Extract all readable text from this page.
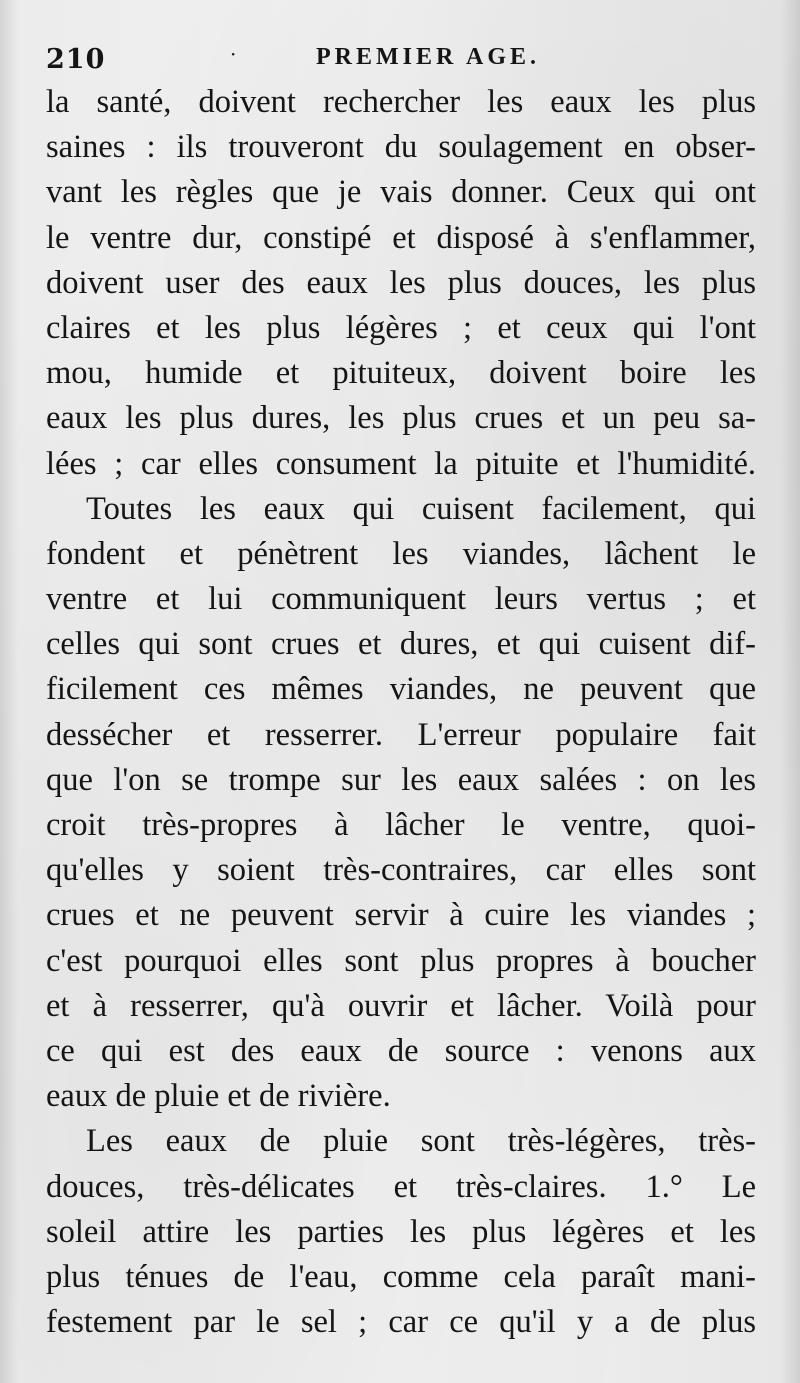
210	·	PREMIER AGE.
la santé, doivent rechercher les eaux les plus
saines : ils trouveront du soulagement en obser-
vant les règles que je vais donner. Ceux qui ont
le ventre dur, constipé et disposé à s'enflammer,
doivent user des eaux les plus douces, les plus
claires et les plus légères ; et ceux qui l'ont
mou, humide et pituiteux, doivent boire les
eaux les plus dures, les plus crues et un peu sa-
lées ; car elles consument la pituite et l'humidité.
Toutes les eaux qui cuisent facilement, qui
fondent et pénètrent les viandes, lâchent le
ventre et lui communiquent leurs vertus ; et
celles qui sont crues et dures, et qui cuisent dif-
ficilement ces mêmes viandes, ne peuvent que
dessécher et resserrer. L'erreur populaire fait
que l'on se trompe sur les eaux salées : on les
croit très-propres à lâcher le ventre, quoi-
qu'elles y soient très-contraires, car elles sont
crues et ne peuvent servir à cuire les viandes ;
c'est pourquoi elles sont plus propres à boucher
et à resserrer, qu'à ouvrir et lâcher. Voilà pour
ce qui est des eaux de source : venons aux
eaux de pluie et de rivière.
Les eaux de pluie sont très-légères, très-
douces, très-délicates et très-claires. 1.° Le
soleil attire les parties les plus légères et les
plus ténues de l'eau, comme cela paraît mani-
festement par le sel ; car ce qu'il y a de plus
